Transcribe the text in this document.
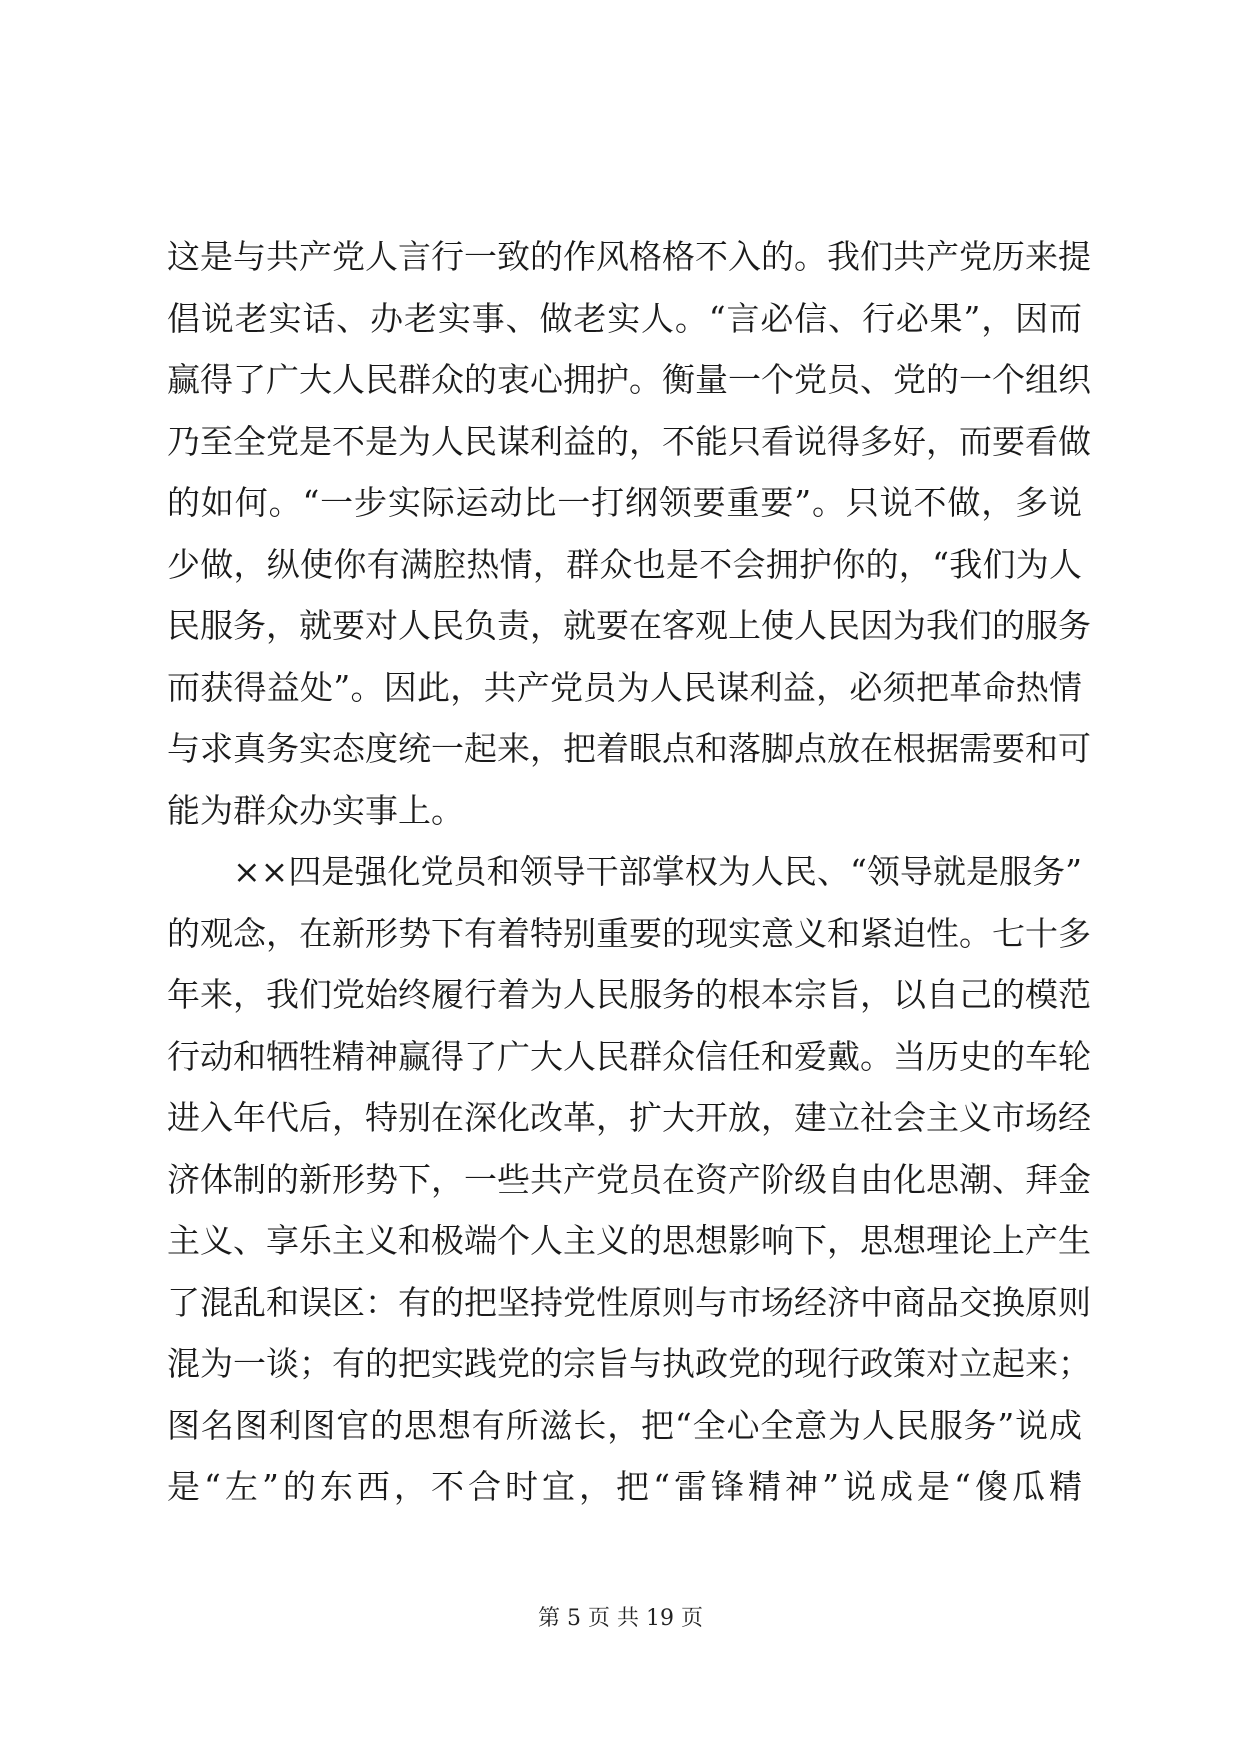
这是与共产党人言行一致的作风格格不入的。我们共产党历来提
倡说老实话、办老实事、做老实人。“言必信、行必果”，因而
赢得了广大人民群众的衷心拥护。衡量一个党员、党的一个组织
乃至全党是不是为人民谋利益的，不能只看说得多好，而要看做
的如何。“一步实际运动比一打纲领要重要”。只说不做，多说
少做，纵使你有满腔热情，群众也是不会拥护你的，“我们为人
民服务，就要对人民负责，就要在客观上使人民因为我们的服务
而获得益处”。因此，共产党员为人民谋利益，必须把革命热情
与求真务实态度统一起来，把着眼点和落脚点放在根据需要和可
能为群众办实事上。
××四是强化党员和领导干部掌权为人民、“领导就是服务”
的观念，在新形势下有着特别重要的现实意义和紧迫性。七十多
年来，我们党始终履行着为人民服务的根本宗旨，以自己的模范
行动和牺牲精神赢得了广大人民群众信任和爱戴。当历史的车轮
进入年代后，特别在深化改革，扩大开放，建立社会主义市场经
济体制的新形势下，一些共产党员在资产阶级自由化思潮、拜金
主义、享乐主义和极端个人主义的思想影响下，思想理论上产生
了混乱和误区：有的把坚持党性原则与市场经济中商品交换原则
混为一谈；有的把实践党的宗旨与执政党的现行政策对立起来；
图名图利图官的思想有所滋长，把“全心全意为人民服务”说成
是“左”的东西，不合时宜，把“雷锋精神”说成是“傻瓜精
第 5 页 共 19 页
